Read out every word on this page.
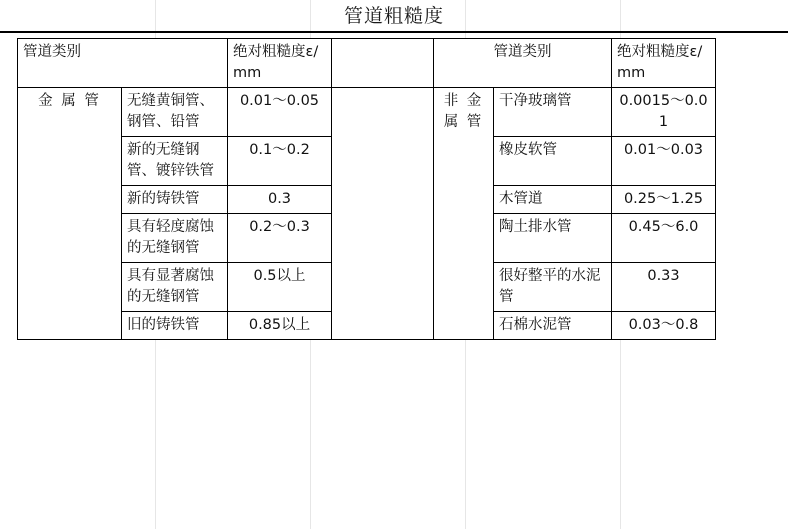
管道粗糙度
管道类别		绝对粗糙度ε/mm		管道类别		绝对粗糙度ε/mm
金 属 管	无缝黄铜管、钢管、铅管	0.01～0.05		非 金 属 管	干净玻璃管	0.0015～0.01
	新的无缝钢管、镀锌铁管	0.1～0.2			橡皮软管	0.01～0.03
	新的铸铁管	0.3			木管道	0.25～1.25
	具有轻度腐蚀的无缝钢管	0.2～0.3			陶土排水管	0.45～6.0
	具有显著腐蚀的无缝钢管	0.5以上			很好整平的水泥管	0.33
	旧的铸铁管	0.85以上			石棉水泥管	0.03～0.8
